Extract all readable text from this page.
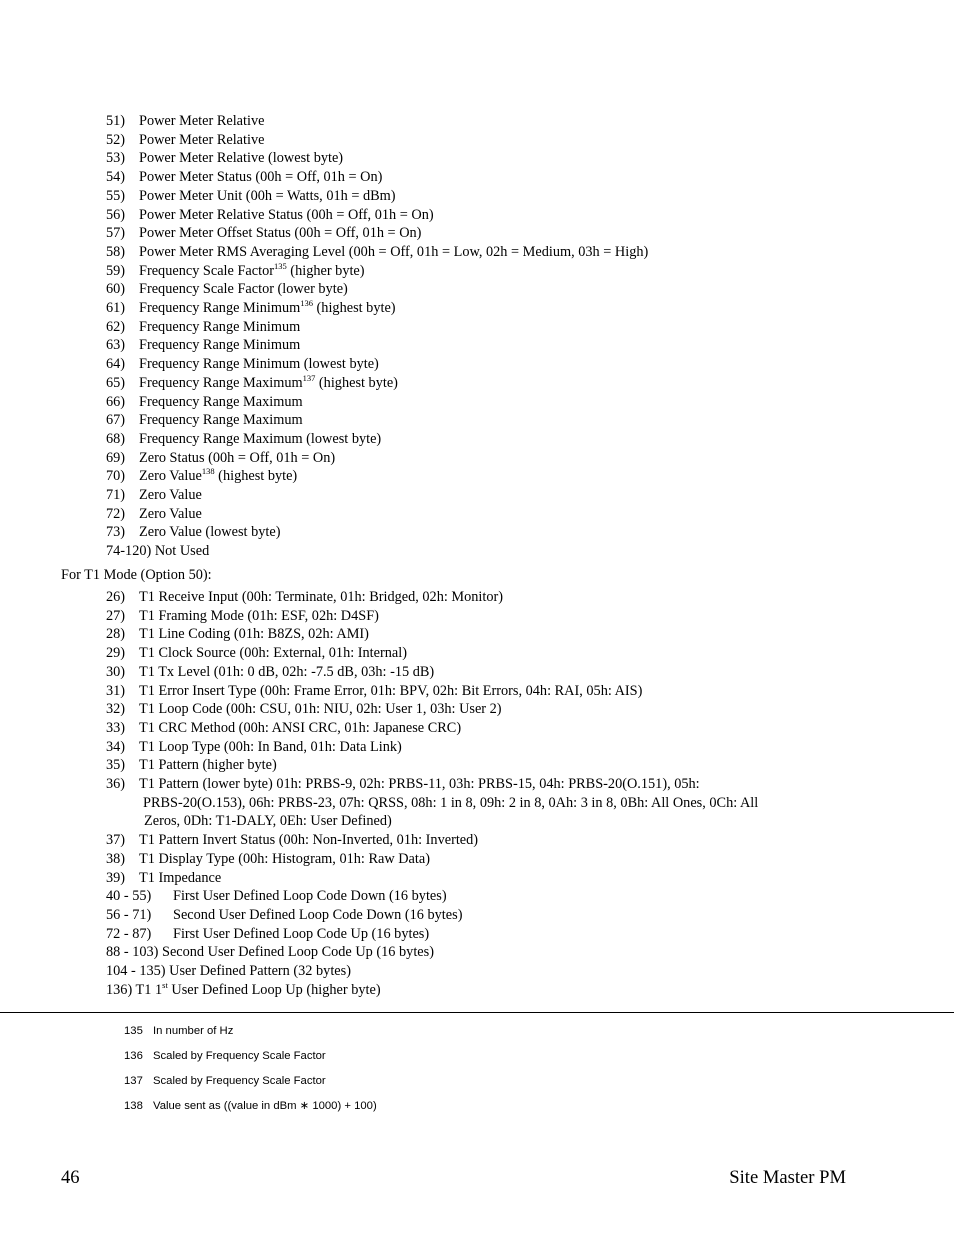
51) Power Meter Relative
52) Power Meter Relative
53) Power Meter Relative (lowest byte)
54) Power Meter Status (00h = Off, 01h = On)
55) Power Meter Unit (00h = Watts, 01h = dBm)
56) Power Meter Relative Status (00h = Off, 01h = On)
57) Power Meter Offset Status (00h = Off, 01h = On)
58) Power Meter RMS Averaging Level (00h = Off, 01h = Low, 02h = Medium, 03h = High)
59) Frequency Scale Factor$^{135}$ (higher byte)
60) Frequency Scale Factor (lower byte)
61) Frequency Range Minimum$^{136}$ (highest byte)
62) Frequency Range Minimum
63) Frequency Range Minimum
64) Frequency Range Minimum (lowest byte)
65) Frequency Range Maximum$^{137}$ (highest byte)
66) Frequency Range Maximum
67) Frequency Range Maximum
68) Frequency Range Maximum (lowest byte)
69) Zero Status (00h = Off, 01h = On)
70) Zero Value$^{138}$ (highest byte)
71) Zero Value
72) Zero Value
73) Zero Value (lowest byte)
74-120) Not Used
For T1 Mode (Option 50):
26) T1 Receive Input (00h: Terminate, 01h: Bridged, 02h: Monitor)
27) T1 Framing Mode (01h: ESF, 02h: D4SF)
28) T1 Line Coding (01h: B8ZS, 02h: AMI)
29) T1 Clock Source (00h: External, 01h: Internal)
30) T1 Tx Level (01h: 0 dB, 02h: -7.5 dB, 03h: -15 dB)
31) T1 Error Insert Type (00h: Frame Error, 01h: BPV, 02h: Bit Errors, 04h: RAI, 05h: AIS)
32) T1 Loop Code (00h: CSU, 01h: NIU, 02h: User 1, 03h: User 2)
33) T1 CRC Method (00h: ANSI CRC, 01h: Japanese CRC)
34) T1 Loop Type (00h: In Band, 01h: Data Link)
35) T1 Pattern (higher byte)
36) T1 Pattern (lower byte) 01h: PRBS-9, 02h: PRBS-11, 03h: PRBS-15, 04h: PRBS-20(O.151), 05h:
PRBS-20(O.153), 06h: PRBS-23, 07h: QRSS, 08h: 1 in 8, 09h: 2 in 8, 0Ah: 3 in 8, 0Bh: All Ones, 0Ch: All
Zeros, 0Dh: T1-DALY, 0Eh: User Defined)
37) T1 Pattern Invert Status (00h: Non-Inverted, 01h: Inverted)
38) T1 Display Type (00h: Histogram, 01h: Raw Data)
39) T1 Impedance
40 - 55) First User Defined Loop Code Down (16 bytes)
56 - 71) Second User Defined Loop Code Down (16 bytes)
72 - 87) First User Defined Loop Code Up (16 bytes)
88 - 103) Second User Defined Loop Code Up (16 bytes)
104 - 135) User Defined Pattern (32 bytes)
136) T1 1st User Defined Loop Up (higher byte)
135 In number of Hz
136 Scaled by Frequency Scale Factor
137 Scaled by Frequency Scale Factor
138 Value sent as ((value in dBm ∗ 1000) + 100)
46	Site Master PM
